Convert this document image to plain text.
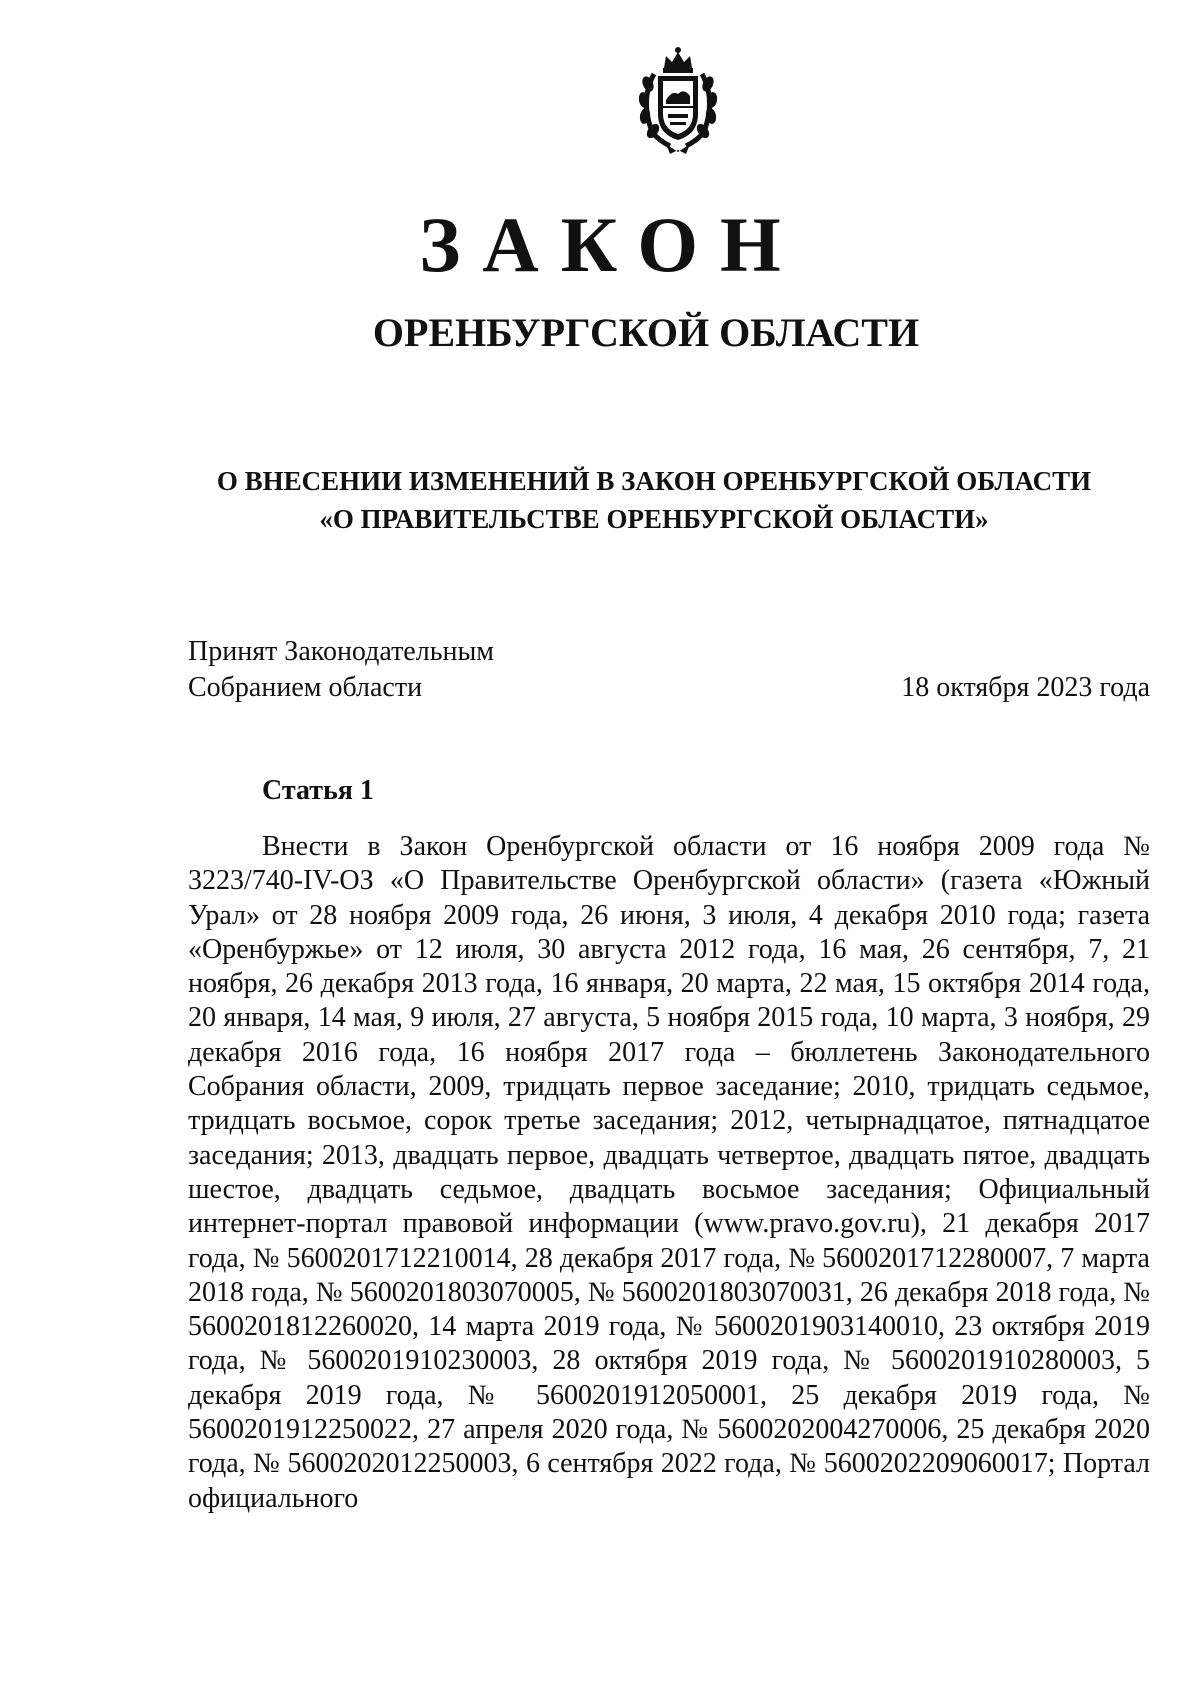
ЗАКОН
ОРЕНБУРГСКОЙ ОБЛАСТИ
О ВНЕСЕНИИ ИЗМЕНЕНИЙ В ЗАКОН ОРЕНБУРГСКОЙ ОБЛАСТИ
«О ПРАВИТЕЛЬСТВЕ ОРЕНБУРГСКОЙ ОБЛАСТИ»
Принят Законодательным
Собранием области	18 октября 2023 года
Статья 1

Внести в Закон Оренбургской области от 16 ноября 2009 года № 3223/740-IV-ОЗ «О Правительстве Оренбургской области» (газета «Южный Урал» от 28 ноября 2009 года, 26 июня, 3 июля, 4 декабря 2010 года; газета «Оренбуржье» от 12 июля, 30 августа 2012 года, 16 мая, 26 сентября, 7, 21 ноября, 26 декабря 2013 года, 16 января, 20 марта, 22 мая, 15 октября 2014 года, 20 января, 14 мая, 9 июля, 27 августа, 5 ноября 2015 года, 10 марта, 3 ноября, 29 декабря 2016 года, 16 ноября 2017 года – бюллетень Законодательного Собрания области, 2009, тридцать первое заседание; 2010, тридцать седьмое, тридцать восьмое, сорок третье заседания; 2012, четырнадцатое, пятнадцатое заседания; 2013, двадцать первое, двадцать четвертое, двадцать пятое, двадцать шестое, двадцать седьмое, двадцать восьмое заседания; Официальный интернет-портал правовой информации (www.pravo.gov.ru), 21 декабря 2017 года, № 5600201712210014, 28 декабря 2017 года, № 5600201712280007, 7 марта 2018 года, № 5600201803070005, № 5600201803070031, 26 декабря 2018 года, № 5600201812260020, 14 марта 2019 года, № 5600201903140010, 23 октября 2019 года, № 5600201910230003, 28 октября 2019 года, № 5600201910280003, 5 декабря 2019 года, № 5600201912050001, 25 декабря 2019 года, № 5600201912250022, 27 апреля 2020 года, № 5600202004270006, 25 декабря 2020 года, № 5600202012250003, 6 сентября 2022 года, № 5600202209060017; Портал официального
